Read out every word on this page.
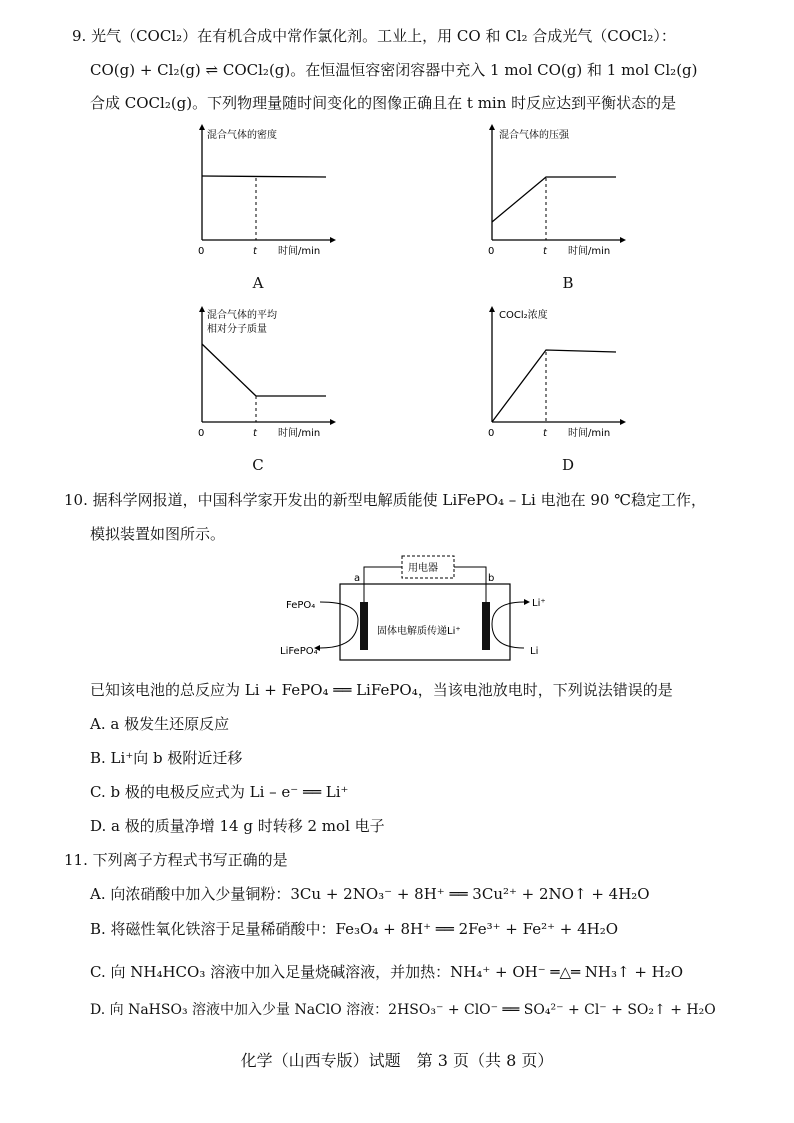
9. 光气（COCl₂）在有机合成中常作氯化剂。工业上，用 CO 和 Cl₂ 合成光气（COCl₂）：
CO(g) + Cl₂(g) ⇌ COCl₂(g)。在恒温恒容密闭容器中充入 1 mol CO(g) 和 1 mol Cl₂(g)
合成 COCl₂(g)。下列物理量随时间变化的图像正确且在 t min 时反应达到平衡状态的是
混合气体的密度
0	t 时间/min
A
混合气体的压强
0	t 时间/min
B
混合气体的平均
相对分子质量
0	t 时间/min
C
COCl₂浓度
0	t 时间/min
D
10. 据科学网报道，中国科学家开发出的新型电解质能使 LiFePO₄ – Li 电池在 90 ℃稳定工作，
模拟装置如图所示。
用电器
a	b
固体电解质传递Li⁺
FePO₄
LiFePO₄
Li⁺
Li
已知该电池的总反应为 Li + FePO₄ ══ LiFePO₄，当该电池放电时，下列说法错误的是
A. a 极发生还原反应
B. Li⁺向 b 极附近迁移
C. b 极的电极反应式为 Li – e⁻ ══ Li⁺
D. a 极的质量净增 14 g 时转移 2 mol 电子
11. 下列离子方程式书写正确的是
A. 向浓硝酸中加入少量铜粉：3Cu + 2NO₃⁻ + 8H⁺ ══ 3Cu²⁺ + 2NO↑ + 4H₂O
B. 将磁性氧化铁溶于足量稀硝酸中：Fe₃O₄ + 8H⁺ ══ 2Fe³⁺ + Fe²⁺ + 4H₂O
C. 向 NH₄HCO₃ 溶液中加入足量烧碱溶液，并加热：NH₄⁺ + OH⁻ ═△═ NH₃↑ + H₂O
D. 向 NaHSO₃ 溶液中加入少量 NaClO 溶液：2HSO₃⁻ + ClO⁻ ══ SO₄²⁻ + Cl⁻ + SO₂↑ + H₂O
化学（山西专版）试题　第 3 页（共 8 页）
